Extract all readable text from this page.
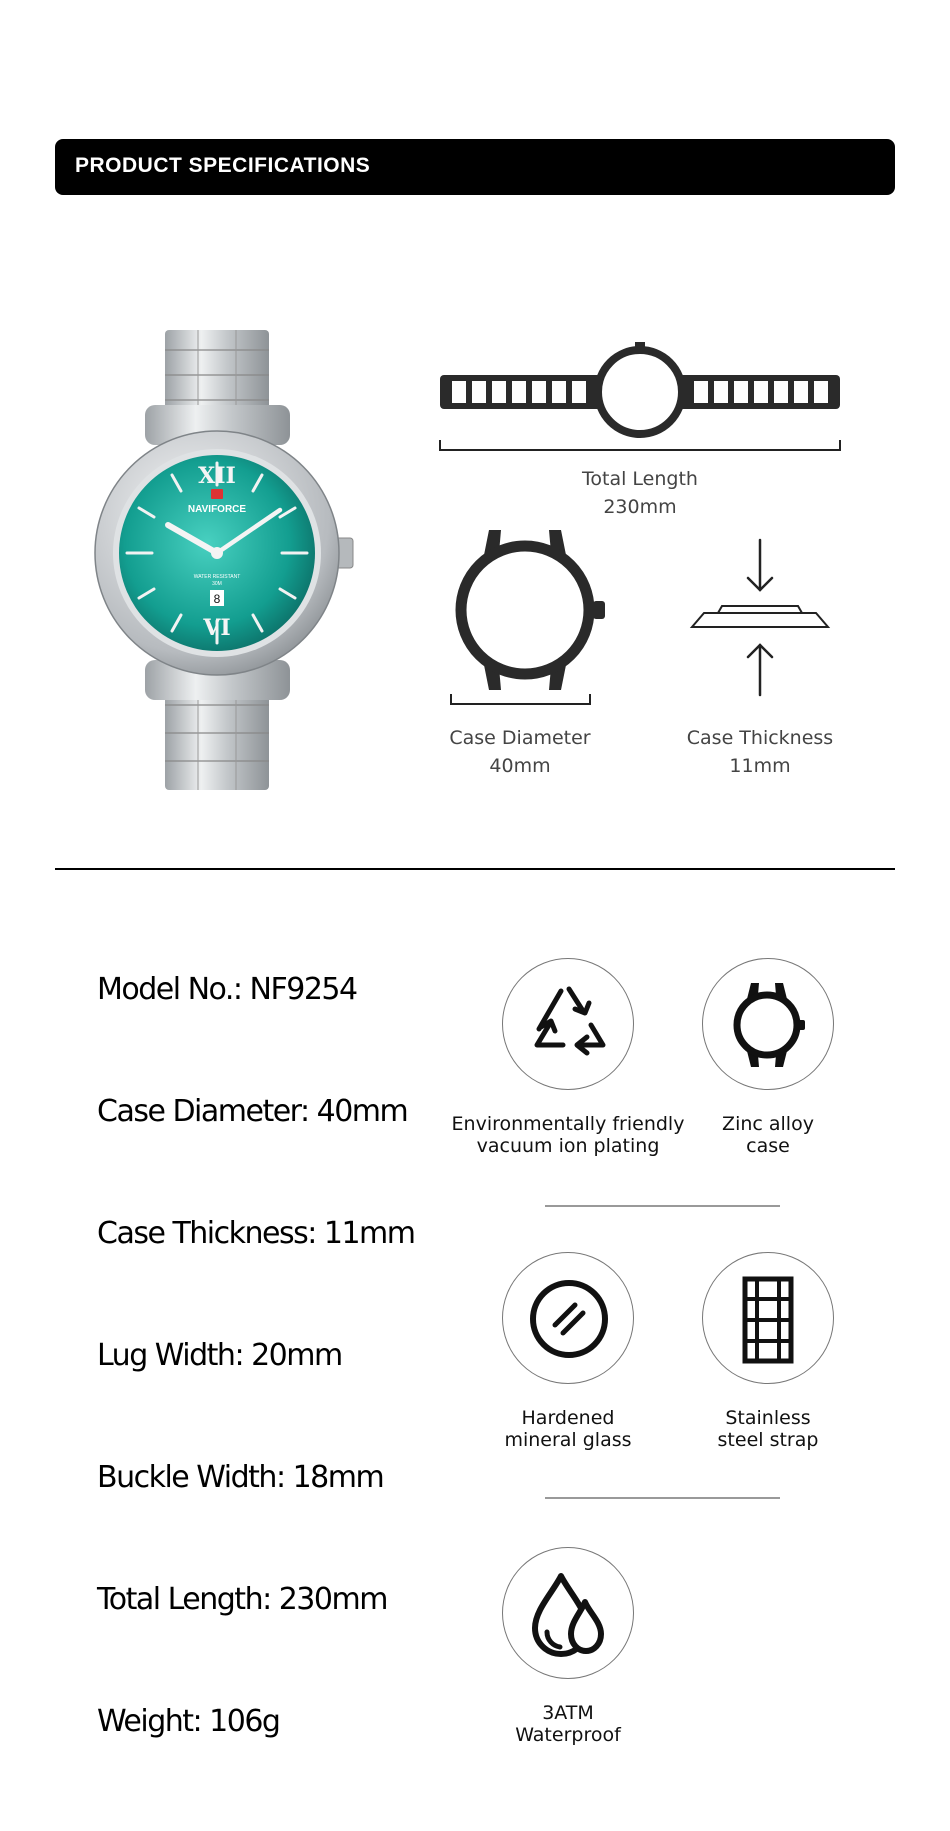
PRODUCT SPECIFICATIONS
XII
VI
NAVIFORCE
WATER RESISTANT
30M
8
Total Length
230mm
Case Diameter
40mm
Case Thickness
11mm
Model No.: NF9254
Case Diameter: 40mm
Case Thickness: 11mm
Lug Width: 20mm
Buckle Width: 18mm
Total Length: 230mm
Weight: 106g
Environmentally friendly
vacuum ion plating
Zinc alloy
case
Hardened
mineral glass
Stainless
steel strap
3ATM
Waterproof
